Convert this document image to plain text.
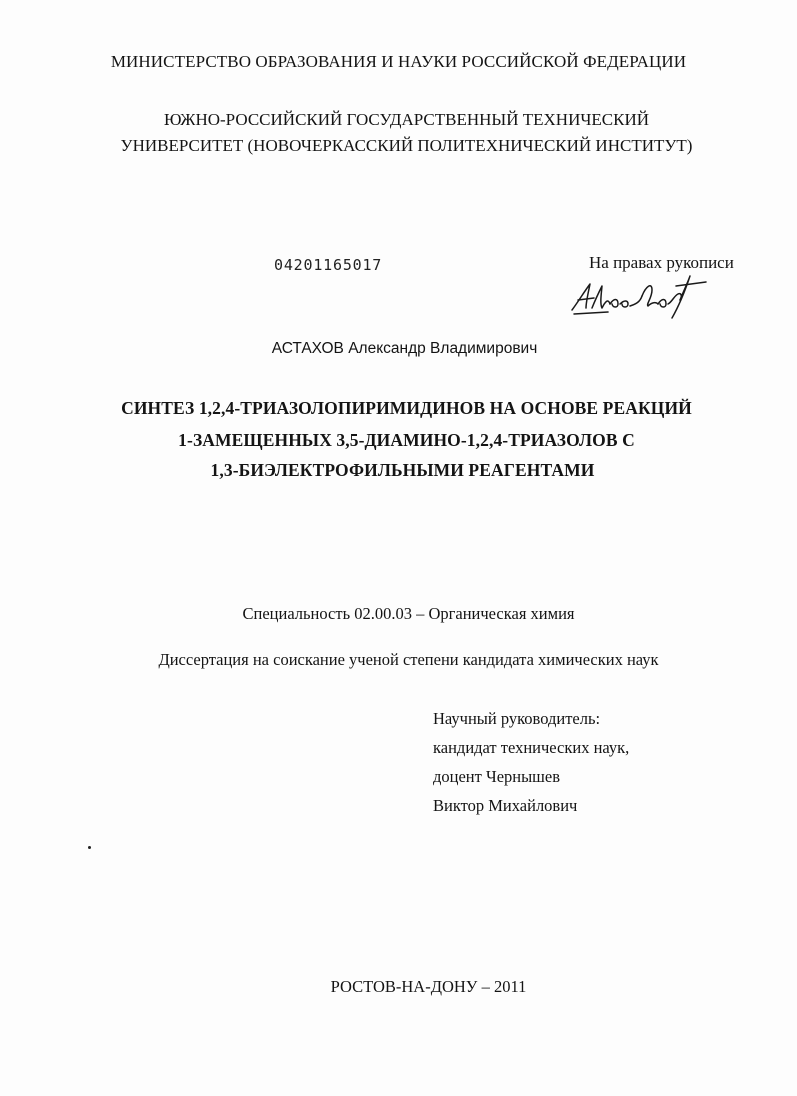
МИНИСТЕРСТВО ОБРАЗОВАНИЯ И НАУКИ РОССИЙСКОЙ ФЕДЕРАЦИИ
ЮЖНО-РОССИЙСКИЙ ГОСУДАРСТВЕННЫЙ ТЕХНИЧЕСКИЙ
УНИВЕРСИТЕТ (НОВОЧЕРКАССКИЙ ПОЛИТЕХНИЧЕСКИЙ ИНСТИТУТ)
04201165017	На правах рукописи
АСТАХОВ Александр Владимирович
СИНТЕЗ 1,2,4-ТРИАЗОЛОПИРИМИДИНОВ НА ОСНОВЕ РЕАКЦИЙ
1-ЗАМЕЩЕННЫХ 3,5-ДИАМИНО-1,2,4-ТРИАЗОЛОВ С
1,3-БИЭЛЕКТРОФИЛЬНЫМИ РЕАГЕНТАМИ
Специальность 02.00.03 – Органическая химия
Диссертация на соискание ученой степени кандидата химических наук
Научный руководитель:
кандидат технических наук,
доцент Чернышев
Виктор Михайлович
РОСТОВ-НА-ДОНУ – 2011
